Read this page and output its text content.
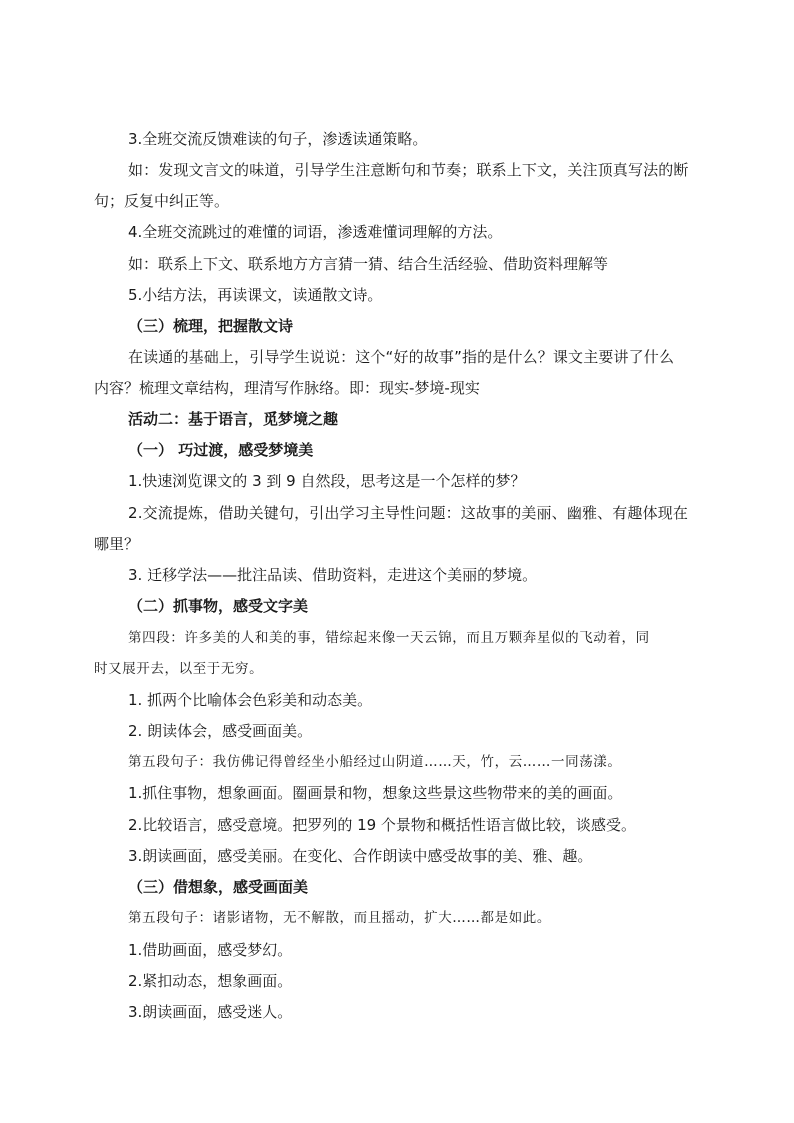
3.全班交流反馈难读的句子，渗透读通策略。
如：发现文言文的味道，引导学生注意断句和节奏；联系上下文，关注顶真写法的断
句；反复中纠正等。
4.全班交流跳过的难懂的词语，渗透难懂词理解的方法。
如：联系上下文、联系地方方言猜一猜、结合生活经验、借助资料理解等
5.小结方法，再读课文，读通散文诗。
（三）梳理，把握散文诗
在读通的基础上，引导学生说说：这个“好的故事”指的是什么？课文主要讲了什么
内容？梳理文章结构，理清写作脉络。即：现实-梦境-现实
活动二：基于语言，觅梦境之趣
（一） 巧过渡，感受梦境美
1.快速浏览课文的 3 到 9 自然段，思考这是一个怎样的梦？
2.交流提炼，借助关键句，引出学习主导性问题：这故事的美丽、幽雅、有趣体现在
哪里？
3. 迁移学法——批注品读、借助资料，走进这个美丽的梦境。
（二）抓事物，感受文字美
第四段：许多美的人和美的事，错综起来像一天云锦，而且万颗奔星似的飞动着，同
时又展开去，以至于无穷。
1. 抓两个比喻体会色彩美和动态美。
2. 朗读体会，感受画面美。
第五段句子：我仿佛记得曾经坐小船经过山阴道……天，竹，云……一同荡漾。
1.抓住事物，想象画面。圈画景和物，想象这些景这些物带来的美的画面。
2.比较语言，感受意境。把罗列的 19 个景物和概括性语言做比较，谈感受。
3.朗读画面，感受美丽。在变化、合作朗读中感受故事的美、雅、趣。
（三）借想象，感受画面美
第五段句子：诸影诸物，无不解散，而且摇动，扩大……都是如此。
1.借助画面，感受梦幻。
2.紧扣动态，想象画面。
3.朗读画面，感受迷人。
